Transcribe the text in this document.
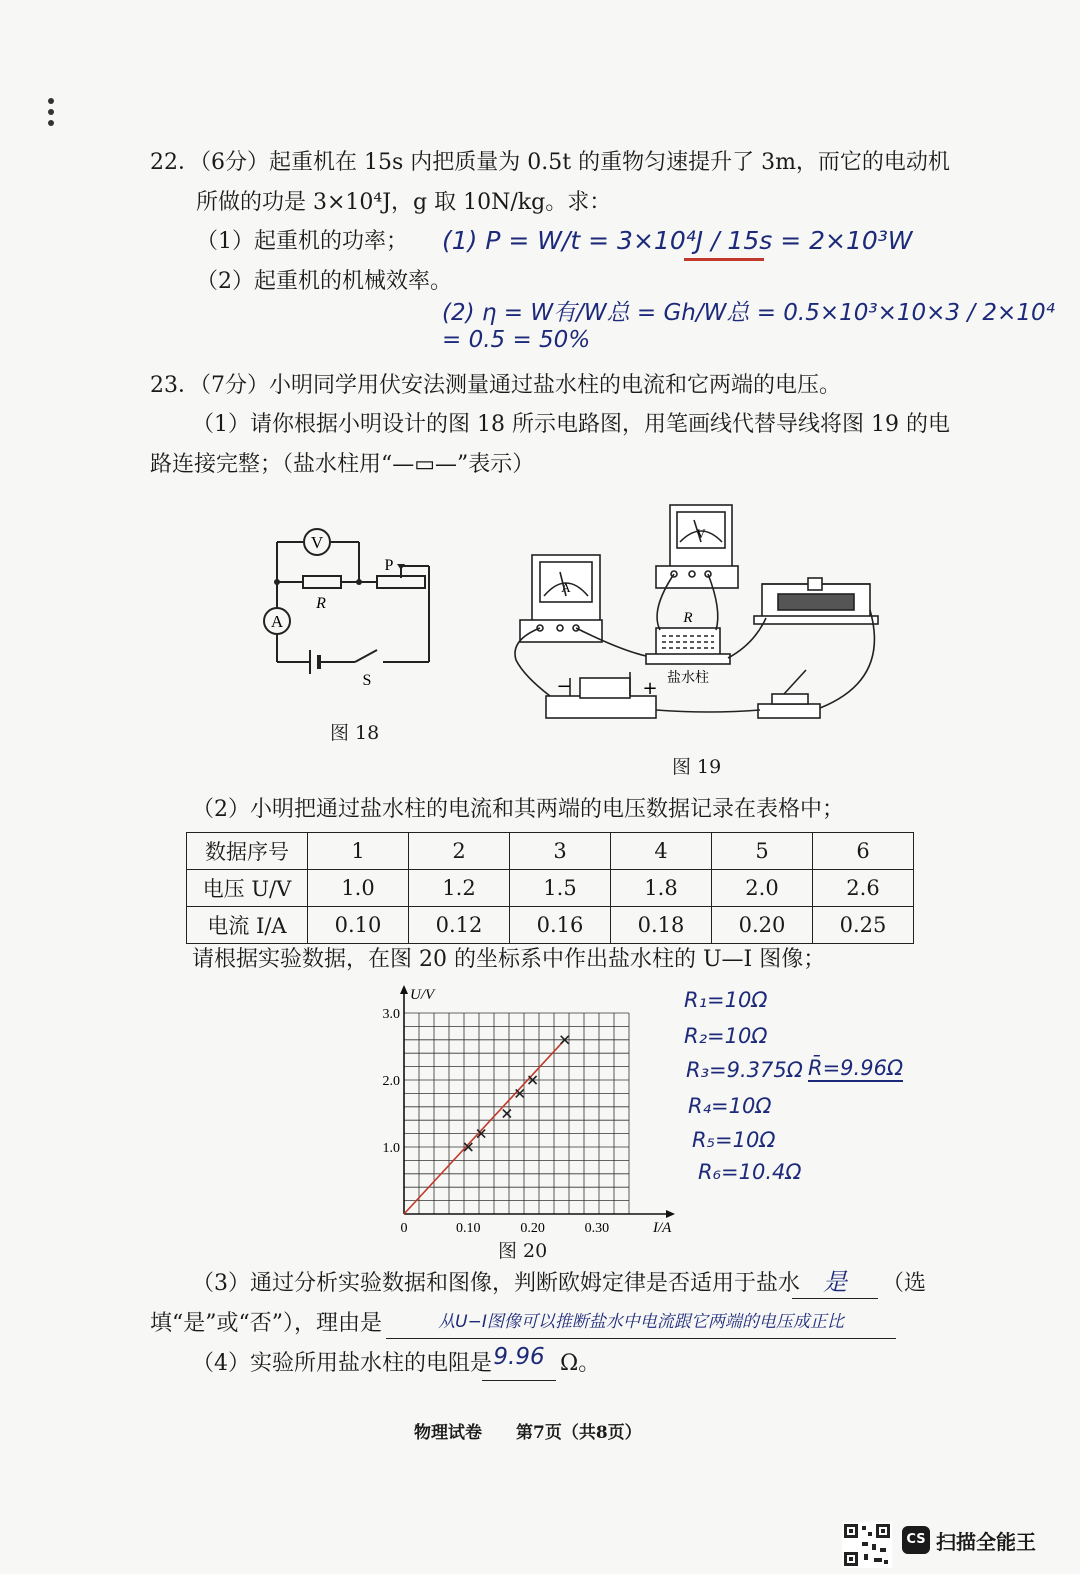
22．（6分）起重机在 15s 内把质量为 0.5t 的重物匀速提升了 3m，而它的电动机
所做的功是 3×10⁴J，g 取 10N/kg。求：
（1）起重机的功率；
（2）起重机的机械效率。
(1) P = W/t = 3×10⁴J / 15s = 2×10³W
(2) η = W有/W总 = Gh/W总 = 0.5×10³×10×3 / 2×10⁴ = 0.5 = 50%
23．（7分）小明同学用伏安法测量通过盐水柱的电流和它两端的电压。
（1）请你根据小明设计的图 18 所示电路图，用笔画线代替导线将图 19 的电
路连接完整；（盐水柱用“—▭—”表示）
V
A
R
P
S
图 18
A
V
R
盐水柱
−	+
图 19
（2）小明把通过盐水柱的电流和其两端的电压数据记录在表格中；
数据序号	1	2	3	4	5	6
电压 U/V	1.0	1.2	1.5	1.8	2.0	2.6
电流 I/A	0.10	0.12	0.16	0.18	0.20	0.25
请根据实验数据，在图 20 的坐标系中作出盐水柱的 U—I 图像；
0	0.10	0.20	0.30
1.0
2.0
3.0
I/A
U/V
图 20
R₁=10Ω
R₂=10Ω
R₃=9.375Ω R̄=9.96Ω
R₄=10Ω
R₅=10Ω
R₆=10.4Ω
（3）通过分析实验数据和图像，判断欧姆定律是否适用于盐水 是	（选
填“是”或“否”），理由是	从U−I图像可以推断盐水中电流跟它两端的电压成正比
（4）实验所用盐水柱的电阻是 9.96 Ω。
物理试卷　　第7页（共8页）
CS 扫描全能王
